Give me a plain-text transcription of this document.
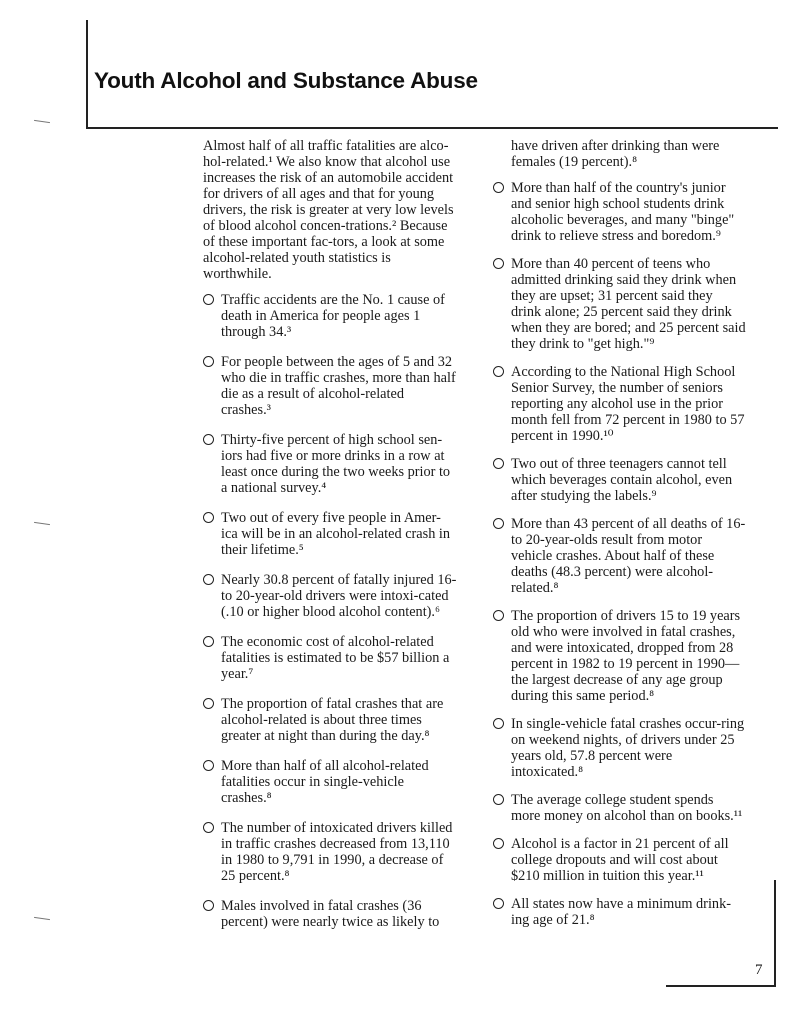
Youth Alcohol and Substance Abuse

Almost half of all traffic fatalities are alco-hol-related.¹ We also know that alcohol use increases the risk of an automobile accident for drivers of all ages and that for young drivers, the risk is greater at very low levels of blood alcohol concen-trations.² Because of these important fac-tors, a look at some alcohol-related youth statistics is worthwhile.

Traffic accidents are the No. 1 cause of death in America for people ages 1 through 34.³
For people between the ages of 5 and 32 who die in traffic crashes, more than half die as a result of alcohol-related crashes.³
Thirty-five percent of high school sen-iors had five or more drinks in a row at least once during the two weeks prior to a national survey.⁴
Two out of every five people in Amer-ica will be in an alcohol-related crash in their lifetime.⁵
Nearly 30.8 percent of fatally injured 16- to 20-year-old drivers were intoxi-cated (.10 or higher blood alcohol content).⁶
The economic cost of alcohol-related fatalities is estimated to be $57 billion a year.⁷
The proportion of fatal crashes that are alcohol-related is about three times greater at night than during the day.⁸
More than half of all alcohol-related fatalities occur in single-vehicle crashes.⁸
The number of intoxicated drivers killed in traffic crashes decreased from 13,110 in 1980 to 9,791 in 1990, a decrease of 25 percent.⁸
Males involved in fatal crashes (36 percent) were nearly twice as likely to

have driven after drinking than were females (19 percent).⁸

More than half of the country's junior and senior high school students drink alcoholic beverages, and many "binge" drink to relieve stress and boredom.⁹
More than 40 percent of teens who admitted drinking said they drink when they are upset; 31 percent said they drink alone; 25 percent said they drink when they are bored; and 25 percent said they drink to "get high."⁹
According to the National High School Senior Survey, the number of seniors reporting any alcohol use in the prior month fell from 72 percent in 1980 to 57 percent in 1990.¹⁰
Two out of three teenagers cannot tell which beverages contain alcohol, even after studying the labels.⁹
More than 43 percent of all deaths of 16- to 20-year-olds result from motor vehicle crashes. About half of these deaths (48.3 percent) were alcohol-related.⁸
The proportion of drivers 15 to 19 years old who were involved in fatal crashes, and were intoxicated, dropped from 28 percent in 1982 to 19 percent in 1990—the largest decrease of any age group during this same period.⁸
In single-vehicle fatal crashes occur-ring on weekend nights, of drivers under 25 years old, 57.8 percent were intoxicated.⁸
The average college student spends more money on alcohol than on books.¹¹
Alcohol is a factor in 21 percent of all college dropouts and will cost about $210 million in tuition this year.¹¹
All states now have a minimum drink-ing age of 21.⁸
7
